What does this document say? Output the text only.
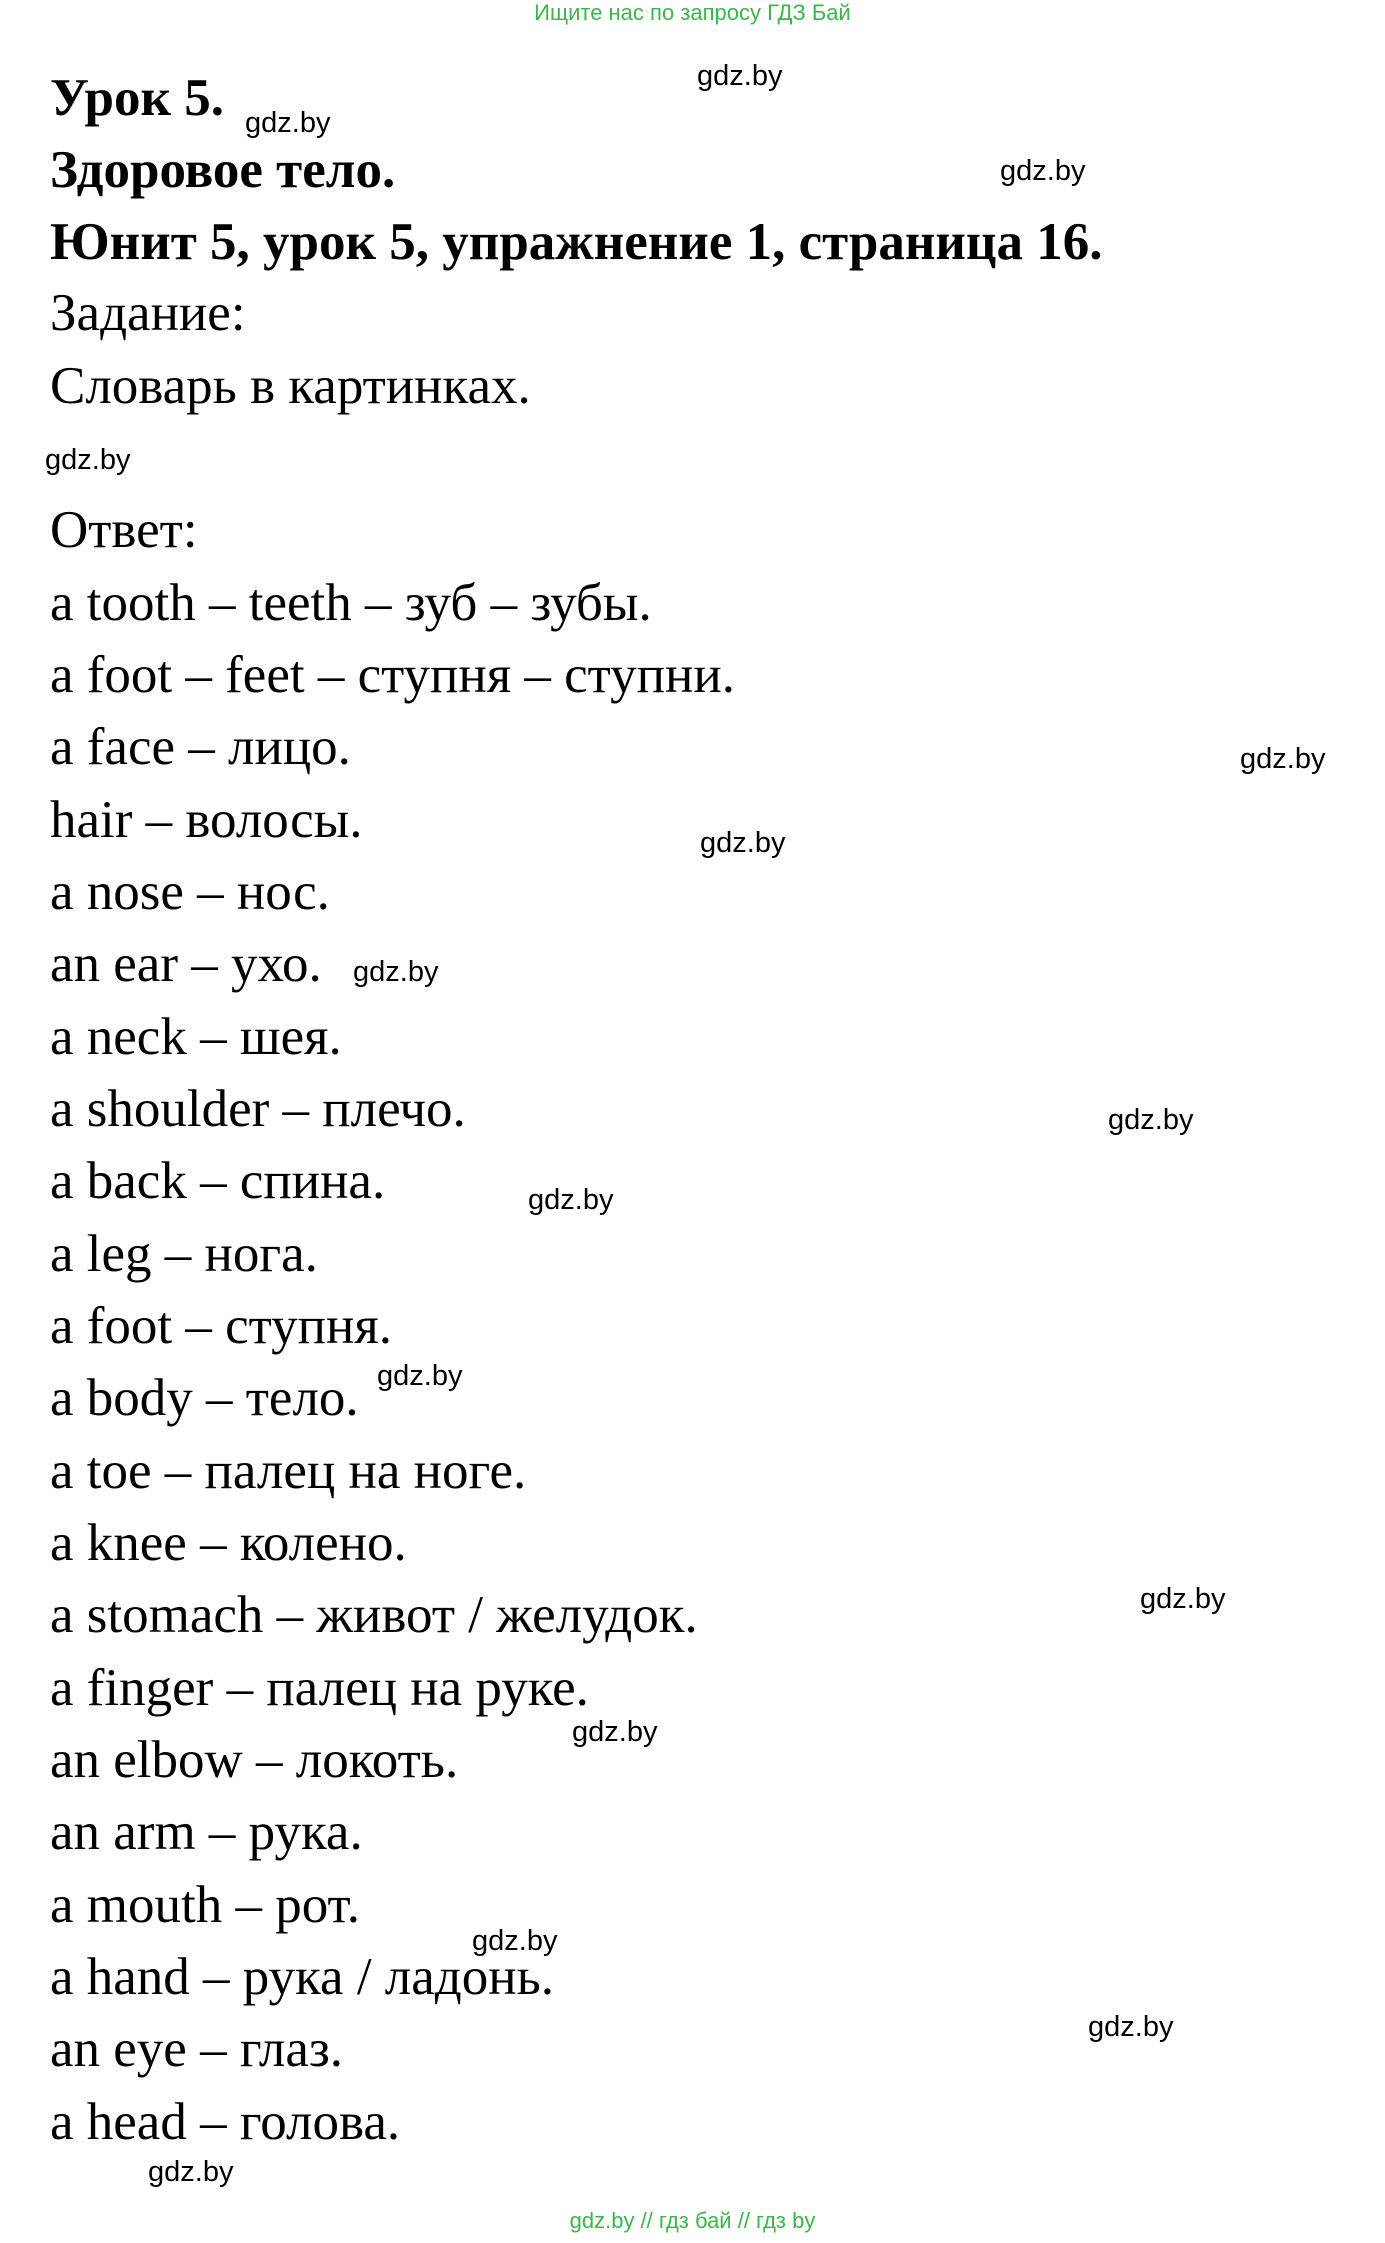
Ищите нас по запросу ГДЗ Бай
Урок 5.
Здоровое тело.
Юнит 5, урок 5, упражнение 1, страница 16.
Задание:
Словарь в картинках.
Ответ:
a tooth – teeth – зуб – зубы.
a foot – feet – ступня – ступни.
a face – лицо.
hair – волосы.
a nose – нос.
an ear – ухо.
a neck – шея.
a shoulder – плечо.
a back – спина.
a leg – нога.
a foot – ступня.
a body – тело.
a toe – палец на ноге.
a knee – колено.
a stomach – живот / желудок.
a finger – палец на руке.
an elbow – локоть.
an arm – рука.
a mouth – рот.
a hand – рука / ладонь.
an eye – глаз.
a head – голова.
gdz.by
gdz.by
gdz.by
gdz.by
gdz.by
gdz.by
gdz.by
gdz.by
gdz.by
gdz.by
gdz.by
gdz.by
gdz.by
gdz.by
gdz.by
gdz.by // гдз бай // гдз by
